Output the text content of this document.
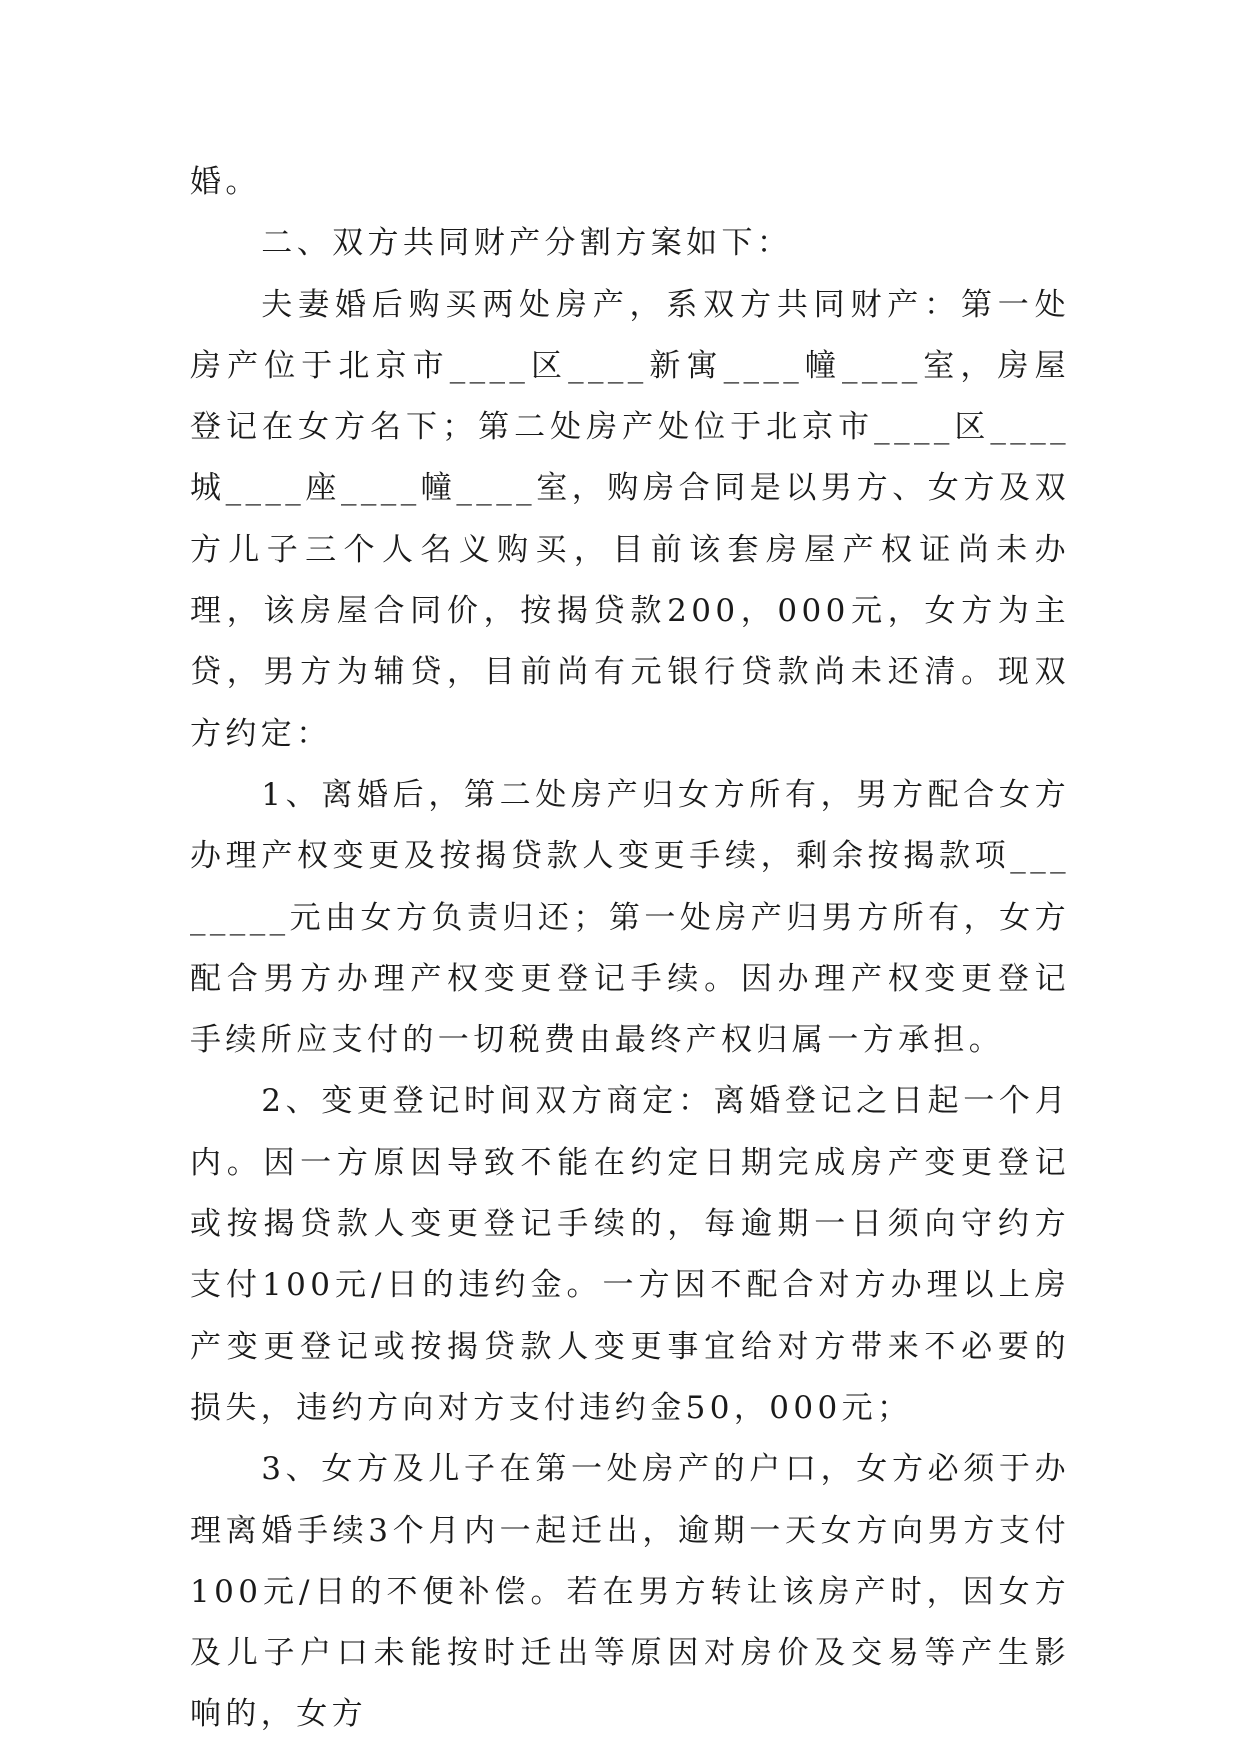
婚。

二、双方共同财产分割方案如下：

夫妻婚后购买两处房产，系双方共同财产：第一处房产位于北京市____区____新寓____幢____室，房屋登记在女方名下；第二处房产处位于北京市____区____城____座____幢____室，购房合同是以男方、女方及双方儿子三个人名义购买，目前该套房屋产权证尚未办理，该房屋合同价，按揭贷款200，000元，女方为主贷，男方为辅贷，目前尚有元银行贷款尚未还清。现双方约定：

1、离婚后，第二处房产归女方所有，男方配合女方办理产权变更及按揭贷款人变更手续，剩余按揭款项________元由女方负责归还；第一处房产归男方所有，女方配合男方办理产权变更登记手续。因办理产权变更登记手续所应支付的一切税费由最终产权归属一方承担。

2、变更登记时间双方商定：离婚登记之日起一个月内。因一方原因导致不能在约定日期完成房产变更登记或按揭贷款人变更登记手续的，每逾期一日须向守约方支付100元/日的违约金。一方因不配合对方办理以上房产变更登记或按揭贷款人变更事宜给对方带来不必要的损失，违约方向对方支付违约金50，000元；

3、女方及儿子在第一处房产的户口，女方必须于办理离婚手续3个月内一起迁出，逾期一天女方向男方支付100元/日的不便补偿。若在男方转让该房产时，因女方及儿子户口未能按时迁出等原因对房价及交易等产生影响的，女方
